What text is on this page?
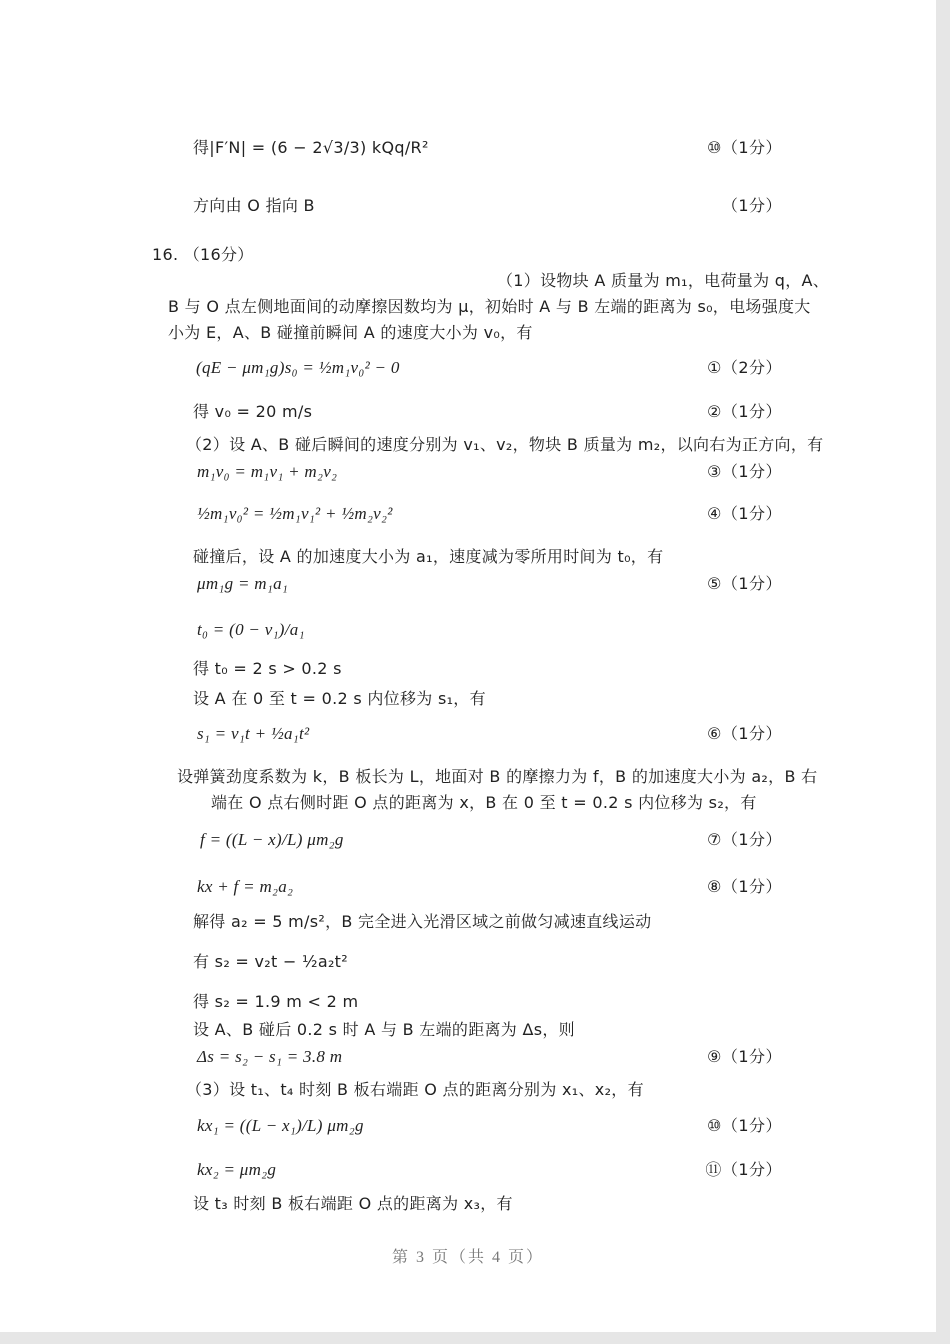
得|F′N| = (6 − 2√3/3) kQq/R²	⑩（1分）
方向由 O 指向 B	（1分）
16. （16分）
（1）设物块 A 质量为 m₁，电荷量为 q，A、
B 与 O 点左侧地面间的动摩擦因数均为 μ，初始时 A 与 B 左端的距离为 s₀，电场强度大
小为 E，A、B 碰撞前瞬间 A 的速度大小为 v₀，有
(qE − μm₁g)s₀ = ½m₁v₀² − 0	①（2分）
得 v₀ = 20 m/s	②（1分）
（2）设 A、B 碰后瞬间的速度分别为 v₁、v₂，物块 B 质量为 m₂，以向右为正方向，有
m₁v₀ = m₁v₁ + m₂v₂	③（1分）
½m₁v₀² = ½m₁v₁² + ½m₂v₂²	④（1分）
碰撞后，设 A 的加速度大小为 a₁，速度减为零所用时间为 t₀，有
μm₁g = m₁a₁	⑤（1分）
t₀ = (0 − v₁)/a₁
得 t₀ = 2 s > 0.2 s
设 A 在 0 至 t = 0.2 s 内位移为 s₁，有
s₁ = v₁t + ½a₁t²	⑥（1分）
设弹簧劲度系数为 k，B 板长为 L，地面对 B 的摩擦力为 f，B 的加速度大小为 a₂，B 右
端在 O 点右侧时距 O 点的距离为 x，B 在 0 至 t = 0.2 s 内位移为 s₂，有
f = ((L − x)/L) μm₂g	⑦（1分）
kx + f = m₂a₂	⑧（1分）
解得 a₂ = 5 m/s²，B 完全进入光滑区域之前做匀减速直线运动
有 s₂ = v₂t − ½a₂t²
得 s₂ = 1.9 m < 2 m
设 A、B 碰后 0.2 s 时 A 与 B 左端的距离为 Δs，则
Δs = s₂ − s₁ = 3.8 m	⑨（1分）
（3）设 t₁、t₄ 时刻 B 板右端距 O 点的距离分别为 x₁、x₂，有
kx₁ = ((L − x₁)/L) μm₂g	⑩（1分）
kx₂ = μm₂g	⑪（1分）
设 t₃ 时刻 B 板右端距 O 点的距离为 x₃，有
第 3 页（共 4 页）
